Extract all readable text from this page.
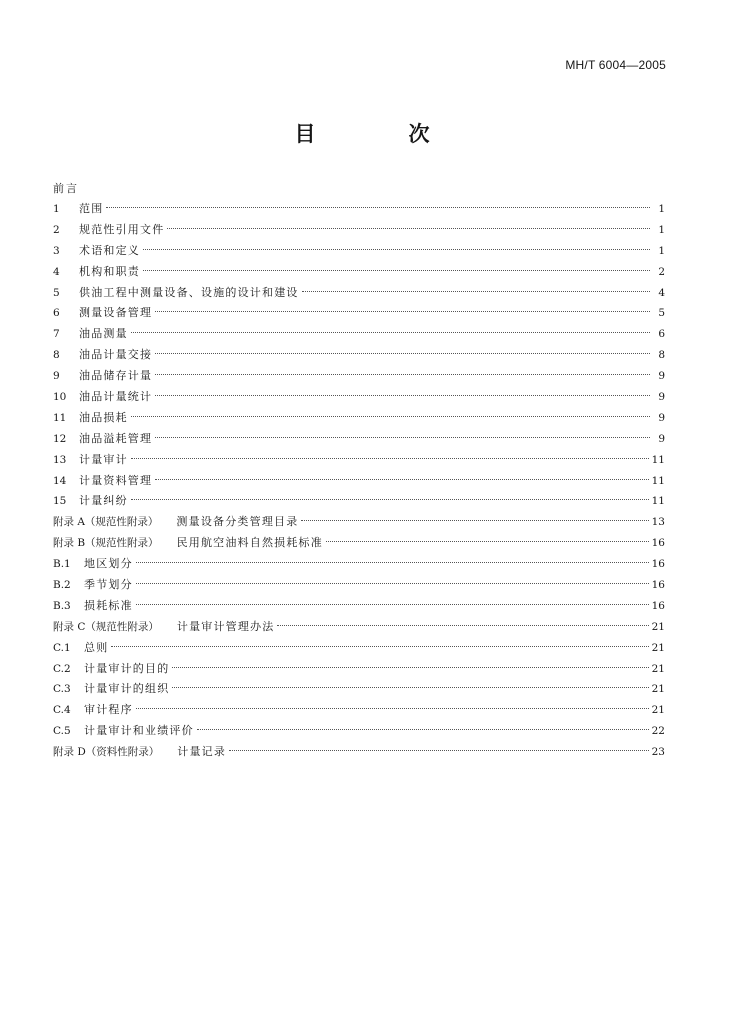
MH/T 6004—2005
目　次
前言
1	范围	1
2	规范性引用文件	1
3	术语和定义	1
4	机构和职责	2
5	供油工程中测量设备、设施的设计和建设	4
6	测量设备管理	5
7	油品测量	6
8	油品计量交接	8
9	油品储存计量	9
10	油品计量统计	9
11	油品损耗	9
12	油品溢耗管理	9
13	计量审计	11
14	计量资料管理	11
15	计量纠纷	11
附录 A（规范性附录） 测量设备分类管理目录	13
附录 B（规范性附录） 民用航空油料自然损耗标准	16
B.1	地区划分	16
B.2	季节划分	16
B.3	损耗标准	16
附录 C（规范性附录） 计量审计管理办法	21
C.1	总则	21
C.2	计量审计的目的	21
C.3	计量审计的组织	21
C.4	审计程序	21
C.5	计量审计和业绩评价	22
附录 D（资料性附录） 计量记录	23
